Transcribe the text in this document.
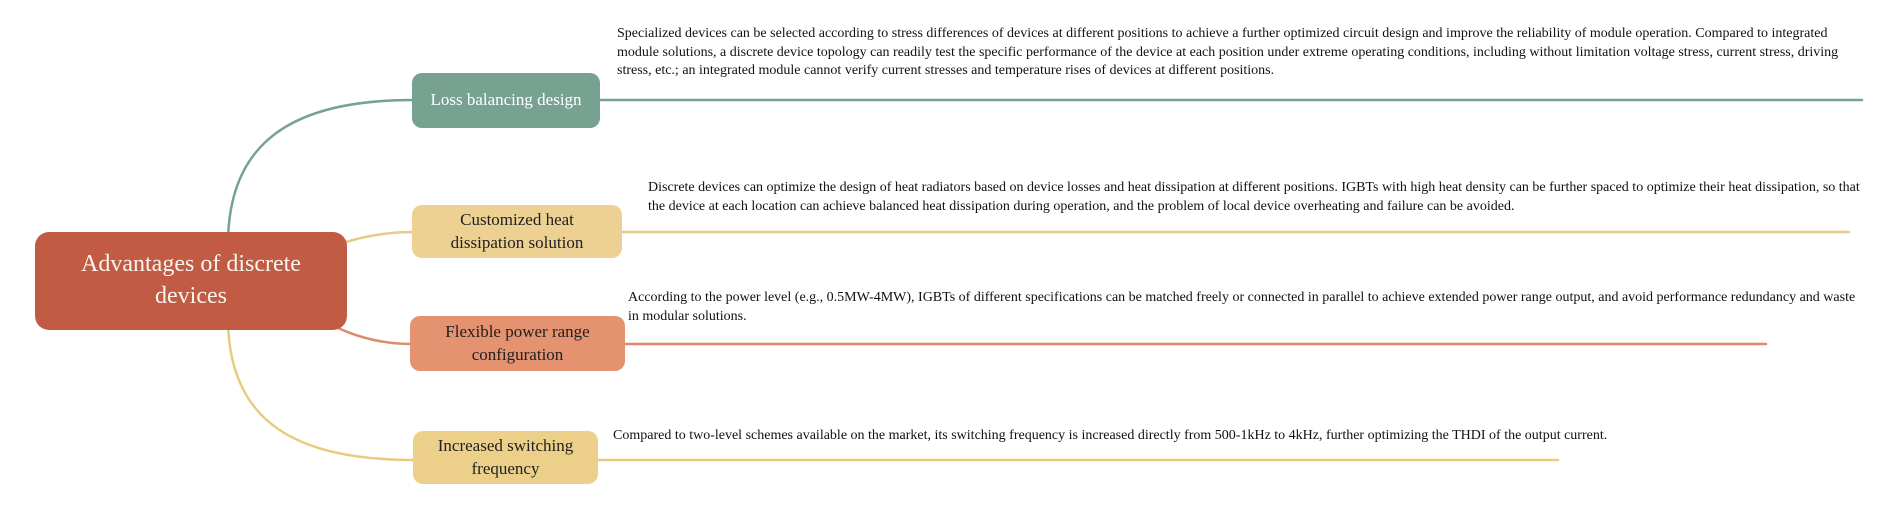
Advantages of discrete devices
Loss balancing design
Customized heat dissipation solution
Flexible power range configuration
Increased switching frequency
Specialized devices can be selected according to stress differences of devices at different positions to achieve a further optimized circuit design and improve the reliability of module operation. Compared to integrated module solutions, a discrete device topology can readily test the specific performance of the device at each position under extreme operating conditions, including without limitation voltage stress, current stress, driving stress, etc.; an integrated module cannot verify current stresses and temperature rises of devices at different positions.
Discrete devices can optimize the design of heat radiators based on device losses and heat dissipation at different positions. IGBTs with high heat density can be further spaced to optimize their heat dissipation, so that the device at each location can achieve balanced heat dissipation during operation, and the problem of local device overheating and failure can be avoided.
According to the power level (e.g., 0.5MW-4MW), IGBTs of different specifications can be matched freely or connected in parallel to achieve extended power range output, and avoid performance redundancy and waste in modular solutions.
Compared to two-level schemes available on the market, its switching frequency is increased directly from 500-1kHz to 4kHz, further optimizing the THDI of the output current.
